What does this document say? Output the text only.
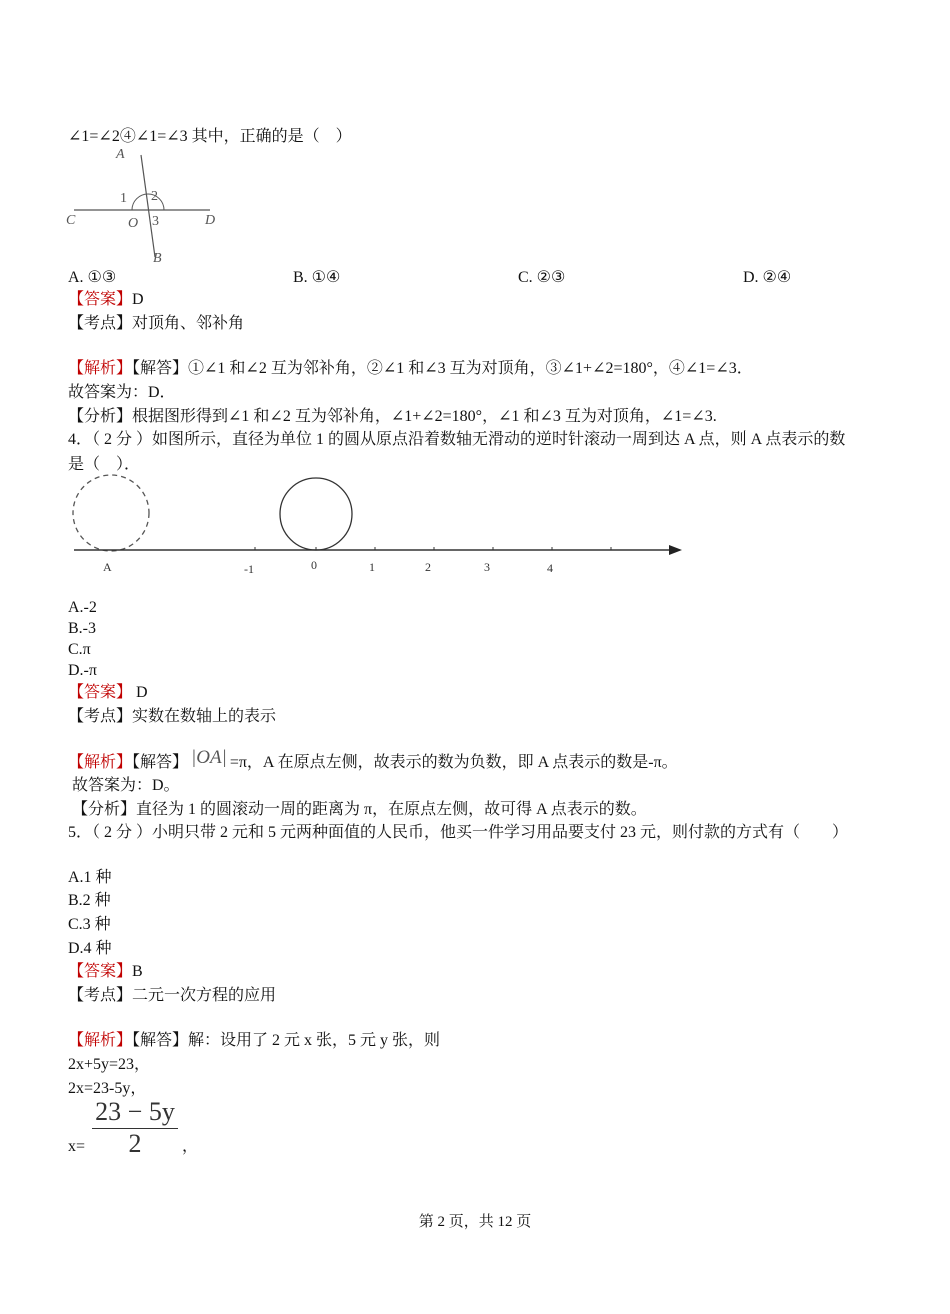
∠1=∠2④∠1=∠3 其中，正确的是（　）
A
1 2
C	O 3	D
B
A. ①③	B. ①④	C. ②③	D. ②④
【答案】D
【考点】对顶角、邻补角
【解析】【解答】①∠1 和∠2 互为邻补角，②∠1 和∠3 互为对顶角，③∠1+∠2=180°，④∠1=∠3．
故答案为：D．
【分析】根据图形得到∠1 和∠2 互为邻补角，∠1+∠2=180°，∠1 和∠3 互为对顶角，∠1=∠3.
4．（ 2 分 ）如图所示，直径为单位 1 的圆从原点沿着数轴无滑动的逆时针滚动一周到达 A 点，则 A 点表示的数
是（　）．
A	-1	0	1	2	3	4
A.-2
B.-3
C.π
D.-π
【答案】 D
【考点】实数在数轴上的表示
【解析】【解答】 |OA| =π，A 在原点左侧，故表示的数为负数，即 A 点表示的数是-π。
故答案为：D。
【分析】直径为 1 的圆滚动一周的距离为 π，在原点左侧，故可得 A 点表示的数。
5．（ 2 分 ）小明只带 2 元和 5 元两种面值的人民币，他买一件学习用品要支付 23 元，则付款的方式有（　　）
A.1 种
B.2 种
C.3 种
D.4 种
【答案】B
【考点】二元一次方程的应用
【解析】【解答】解：设用了 2 元 x 张，5 元 y 张，则
2x+5y=23，
2x=23-5y，
x=
23 − 5y
2	，
第 2 页，共 12 页
